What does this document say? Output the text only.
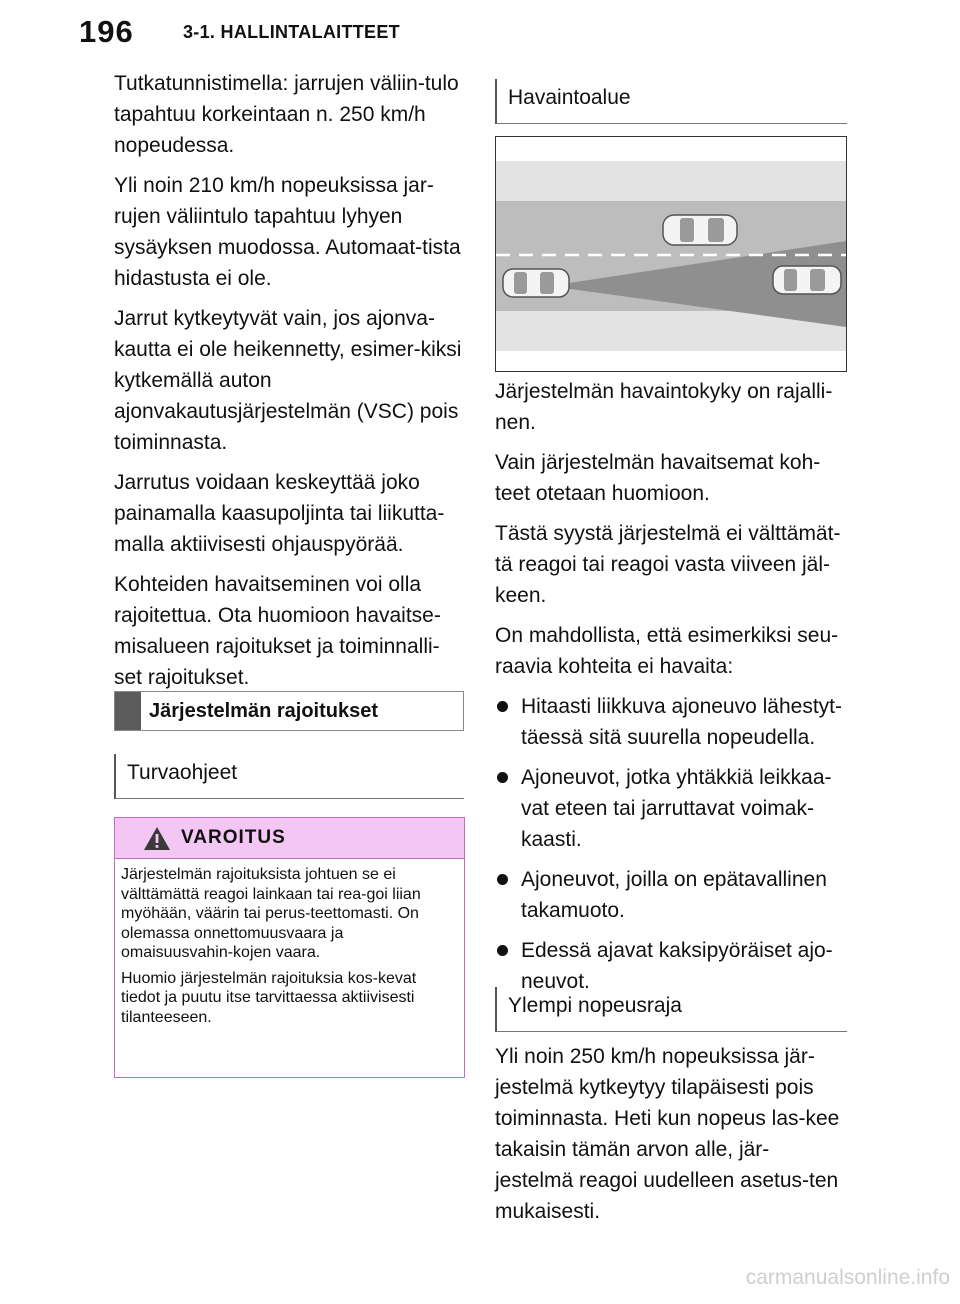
196	3-1. HALLINTALAITTEET

Tutkatunnistimella: jarrujen väliin-tulo tapahtuu korkeintaan n. 250 km/h nopeudessa.

Yli noin 210 km/h nopeuksissa jar-rujen väliintulo tapahtuu lyhyen sysäyksen muodossa. Automaat-tista hidastusta ei ole.

Jarrut kytkeytyvät vain, jos ajonva-kautta ei ole heikennetty, esimer-kiksi kytkemällä auton ajonvakautusjärjestelmän (VSC) pois toiminnasta.

Jarrutus voidaan keskeyttää joko painamalla kaasupoljinta tai liikutta-malla aktiivisesti ohjauspyörää.

Kohteiden havaitseminen voi olla rajoitettua. Ota huomioon havaitse-misalueen rajoitukset ja toiminnalli-set rajoitukset.

Järjestelmän rajoitukset
Turvaohjeet
VAROITUS

Järjestelmän rajoituksista johtuen se ei välttämättä reagoi lainkaan tai rea-goi liian myöhään, väärin tai perus-teettomasti. On olemassa onnettomuusvaara ja omaisuusvahin-kojen vaara.

Huomio järjestelmän rajoituksia kos-kevat tiedot ja puutu itse tarvittaessa aktiivisesti tilanteeseen.

Havaintoalue

Järjestelmän havaintokyky on rajalli-nen.

Vain järjestelmän havaitsemat koh-teet otetaan huomioon.

Tästä syystä järjestelmä ei välttämät-tä reagoi tai reagoi vasta viiveen jäl-keen.

On mahdollista, että esimerkiksi seu-raavia kohteita ei havaita:

Hitaasti liikkuva ajoneuvo lähestyt-täessä sitä suurella nopeudella.
Ajoneuvot, jotka yhtäkkiä leikkaa-vat eteen tai jarruttavat voimak-kaasti.
Ajoneuvot, joilla on epätavallinen takamuoto.
Edessä ajavat kaksipyöräiset ajo-neuvot.
Ylempi nopeusraja

Yli noin 250 km/h nopeuksissa jär-jestelmä kytkeytyy tilapäisesti pois toiminnasta. Heti kun nopeus las-kee takaisin tämän arvon alle, jär-jestelmä reagoi uudelleen asetus-ten mukaisesti.

carmanualsonline.info
